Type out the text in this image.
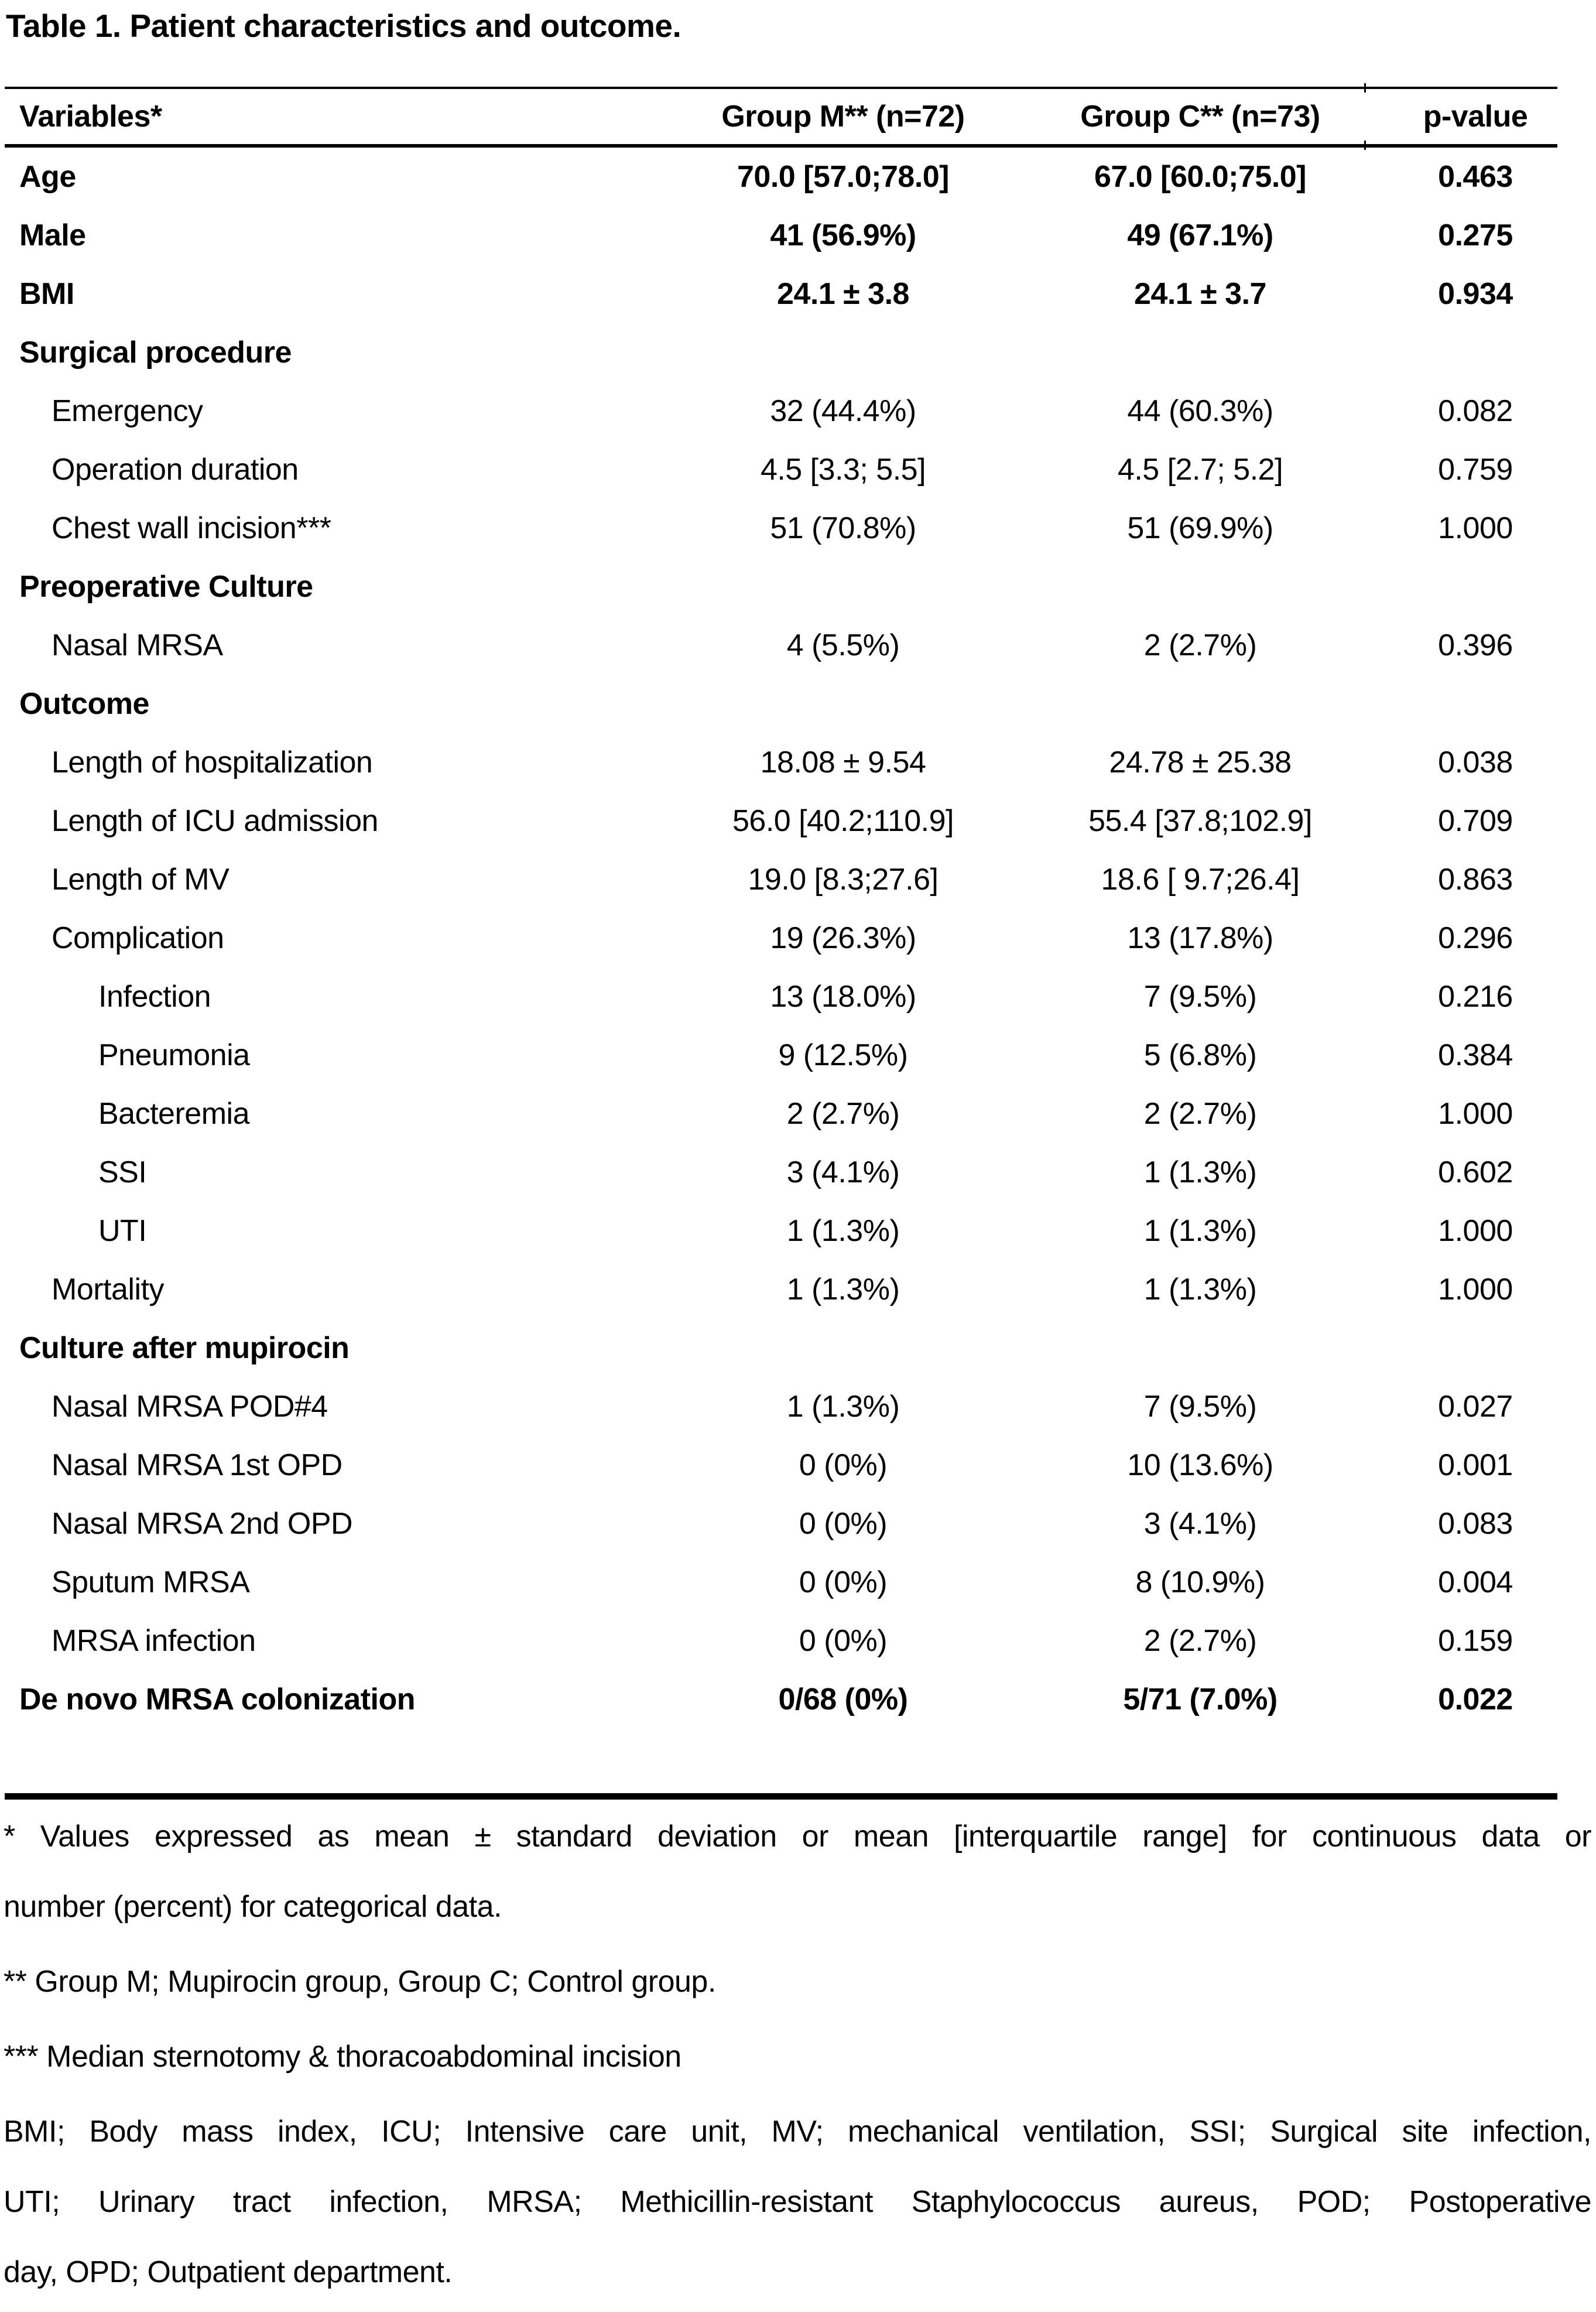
Table 1. Patient characteristics and outcome.
Variables*	Group M** (n=72)	Group C** (n=73)	p-value
Age	70.0 [57.0;78.0]	67.0 [60.0;75.0]	0.463
Male	41 (56.9%)	49 (67.1%)	0.275
BMI	24.1 ± 3.8	24.1 ± 3.7	0.934
Surgical procedure
Emergency	32 (44.4%)	44 (60.3%)	0.082
Operation duration	4.5 [3.3; 5.5]	4.5 [2.7; 5.2]	0.759
Chest wall incision***	51 (70.8%)	51 (69.9%)	1.000
Preoperative Culture
Nasal MRSA	4 (5.5%)	2 (2.7%)	0.396
Outcome
Length of hospitalization	18.08 ± 9.54	24.78 ± 25.38	0.038
Length of ICU admission	56.0 [40.2;110.9]	55.4 [37.8;102.9]	0.709
Length of MV	19.0 [8.3;27.6]	18.6 [ 9.7;26.4]	0.863
Complication	19 (26.3%)	13 (17.8%)	0.296
Infection	13 (18.0%)	7 (9.5%)	0.216
Pneumonia	9 (12.5%)	5 (6.8%)	0.384
Bacteremia	2 (2.7%)	2 (2.7%)	1.000
SSI	3 (4.1%)	1 (1.3%)	0.602
UTI	1 (1.3%)	1 (1.3%)	1.000
Mortality	1 (1.3%)	1 (1.3%)	1.000
Culture after mupirocin
Nasal MRSA POD#4	1 (1.3%)	7 (9.5%)	0.027
Nasal MRSA 1st OPD	0 (0%)	10 (13.6%)	0.001
Nasal MRSA 2nd OPD	0 (0%)	3 (4.1%)	0.083
Sputum MRSA	0 (0%)	8 (10.9%)	0.004
MRSA infection	0 (0%)	2 (2.7%)	0.159
De novo MRSA colonization	0/68 (0%)	5/71 (7.0%)	0.022
* Values expressed as mean ± standard deviation or mean [interquartile range] for continuous data or
number (percent) for categorical data.
** Group M; Mupirocin group, Group C; Control group.
*** Median sternotomy & thoracoabdominal incision
BMI; Body mass index, ICU; Intensive care unit, MV; mechanical ventilation, SSI; Surgical site infection,
UTI; Urinary tract infection, MRSA; Methicillin-resistant Staphylococcus aureus, POD; Postoperative
day, OPD; Outpatient department.
